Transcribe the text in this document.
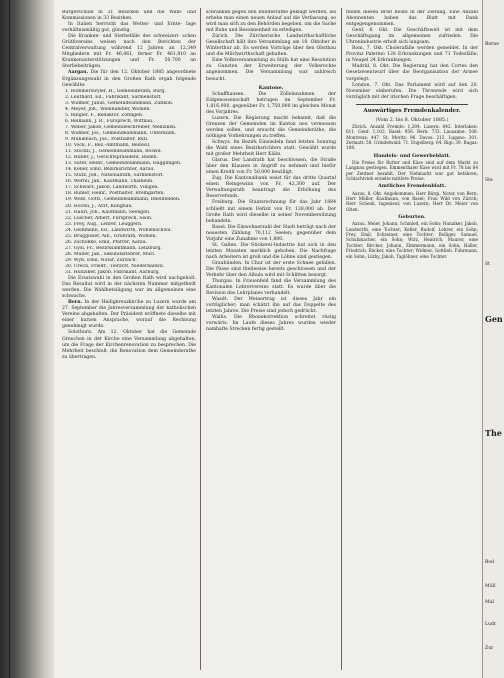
Burgerschule in 31 Bezirken und die Wahl- und Kommissionen in 33 Bezirken.

In Italien herrscht das Wetter- und Ernte- lage verhältnismäßig gut, günstig.

Die Kranken- und Sterbefälle des schweizeri- schen Grütlivereins weisen nach den Berichten der Centralverwaltung während 12 Jahren an 12,349 Mitgliedern mit Fr. 46,061, ferner Fr. 461,810 an Krankenunterstützungen und Fr. 50,700 an Sterbebeiträgen.

Aargau. Die für den 12. Oktober 1885 angeordnete Ergänzungswahl in den Großen Rath ergab folgende Gewählte:

1. Rommerswyler, H., Gemeinderath, Burg.
2. Leuthard, Ed., Fabrikant, Sarmenstorf.
3. Widmer, Julius, Gemeindeammann, Zufikon.
4. Meyer, Joh., Weinhändler, Wohlen.
5. Ringier, F., Redaktor, Zofingen.
6. Reimann, J. R., Fürsprech, Wittnau.
7. Weber, Jakob, Gemeindeschreiber, Menziken.
8. Widmer, Jos., Gemeindeammann, Unterkulm.
9. Mühlebach, Jos., Posthalter, Rüti.
10. Vock, F., Bez.-Amtmann, Beinwil.
11. Stöckli, J., Gemeindeammann, Boswil.
12. Huber, J., Gerichtspräsident, Baden.
13. Suter, Heinr., Gemeindeammann, Hägglingen.
14. Keller, Emil, Bezirksrichter, Aarau.
15. Stutz, Joh., Nationalrath, Sarmenstorf.
16. Wernli, Jak., Kaufmann, Thalheim.
17. Schwarz, Jakob, Landwirth, Villigen.
18. Bühler, Heinr., Posthalter, Bremgarten.
19. Weiß, Gottl., Gemeindeammann, Rheinfelden.
20. Höchli, J., Arzt, Klingnau.
21. Hauri, Joh., Kaufmann, Seengen.
22. Lüscher, Albert, Fürsprech, Seon.
23. Frey, Aug., Lehrer, Leuggern.
24. Geißmann, Ed., Landwirth, Wohlenschwil.
25. Bruggisser, Alb., Großrath, Wohlen.
26. Zschokke, Emil, Pfarrer, Aarau.
27. Gysi, Fr., Bezirksamtmann, Lenzburg.
28. Müller, Jak., Sekundarlehrer, Muri.
29. Wyß, Emil, Notar, Zurzach.
30. Urech, Friedr., Tierarzt, Niederhallwil.
31. Hunziker, Jakob, Fabrikant, Aarburg.

Die Ersatzwahl in den Großen Rath wird nachgeholt. Das Resultat wird in der nächsten Nummer mitgetheilt werden. Die Wahlbeteiligung war im allgemeinen eine schwache.

Bern. In der Heiligkreuzkirche zu Luzern wurde am 27. September die Jahresversammlung der katholischen Vereine abgehalten. Der Präsident eröffnete dieselbe mit einer kurzen Ansprache, worauf die Rechnung genehmigt wurde.

Solothurn. Am 12. Oktober hat die Gemeinde Grenchen in der Kirche eine Versammlung abgehalten, um die Frage der Kirchenrenovation zu besprechen. Die Mehrheit beschloß, die Renovation dem Gemeinderathe zu übertragen.

schränken gegen den Bundesrathe geklagt werden, als erhebe man einen neuen Anlauf auf die Verfassung, so wird man sich zu den Behörden begeben, um die Sache mit Ruhe und Besonnenheit zu erledigen.

Zürich. Die Zürcherische Landwirthschaftliche Gesellschaft hält ihre Versammlung am 18. Oktober in Winterthur ab. Es werden Vorträge über den Obstbau und die Milchwirthschaft gehalten.

Eine Volksversammlung zu Stäfa hat eine Resolution zu Gunsten der Erweiterung der Volksrechte angenommen. Die Versammlung war zahlreich besucht.

Kantone.

Schaffhausen. Die Zolleinnahmen der Eidgenossenschaft betrugen im September Fr. 1,816,000, gegenüber Fr. 1,750,000 im gleichen Monat des Vorjahres.

Luzern. Die Regierung macht bekannt, daß die Grenzen der Gemeinden im Kanton neu vermessen werden sollen, und ersucht die Gemeinderäthe, die nöthigen Vorkehrungen zu treffen.

Schwyz. Im Bezirk Einsiedeln fand letzten Sonntag die Wahl eines Bezirksrichters statt. Gewählt wurde mit großer Mehrheit Herr Kälin.

Glarus. Der Landrath hat beschlossen, die Straße über den Klausen in Angriff zu nehmen und hiefür einen Kredit von Fr. 50,000 bewilligt.

Zug. Die Kantonalbank weist für das dritte Quartal einen Reingewinn von Fr. 42,300 auf. Der Verwaltungsrath beantragt die Erhöhung des Reservefonds.

Freiburg. Die Staatsrechnung für das Jahr 1884 schließt mit einem Defizit von Fr. 138,000 ab. Der Große Rath wird dieselbe in seiner Novembersitzung behandeln.

Basel. Die Einwohnerzahl der Stadt beträgt nach der neuesten Zählung 70,112 Seelen; gegenüber dem Vorjahr eine Zunahme von 1,800.

St. Gallen. Die Stickerei-Industrie hat sich in den letzten Monaten merklich gehoben. Die Nachfrage nach Arbeitern ist groß und die Löhne sind gestiegen.

Graubünden. In Chur ist der erste Schnee gefallen. Die Pässe sind theilweise bereits geschlossen und der Verkehr über den Albula wird mit Schlitten besorgt.

Thurgau. In Frauenfeld fand die Versammlung des Kantonalen Lehrervereins statt. Es wurde über die Revision des Lehrplanes verhandelt.

Waadt. Der Weinertrag ist dieses Jahr ein vorzüglicher; man schätzt ihn auf das Doppelte des letzten Jahres. Die Preise sind jedoch gedrückt.

Wallis. Die Rhonekorrektion schreitet rüstig vorwärts. Im Laufe dieses Jahres wurden wieder namhafte Strecken fertig gestellt.

finden diesen Brief heute in der Zeitung. Eine Anzahl Abonnenten haben das Blatt mit Dank entgegengenommen.

Genf, 8. Okt. Die Geschäftswelt ist mit dem Geschäftsgang im allgemeinen zufrieden. Die Uhrenindustrie erholt sich langsam.

Rom, 7. Okt. Cholerafälle werden gemeldet. In der Provinz Palermo 128 Erkrankungen und 71 Todesfälle; in Neapel 24 Erkrankungen.

Madrid, 8. Okt. Die Regierung hat den Cortes den Gesetzesentwurf über die Reorganisation der Armee vorgelegt.

London, 7. Okt. Das Parlament wird auf den 20. November einberufen. Die Thronrede wird sich vorzüglich mit der irischen Frage beschäftigen.

Auswärtiges Fremdenkalender.
(Vom 2. bis 8. Oktober 1885.)

Zürich. Anzahl Fremde: 1,284. Luzern: 842. Interlaken: 611. Genf: 1,102. Basel: 956. Bern: 733. Lausanne: 508. Montreux: 447. St. Moritz: 96. Davos: 212. Lugano: 301. Zermatt: 58. Grindelwald: 71. Engelberg: 64. Rigi: 39. Ragaz: 188.

Handels- und Gewerbeblatt.

Die Preise für Butter und Käse sind auf dem Markt zu Langnau gestiegen. Emmenthaler Käse wird mit Fr. 78 bis 84 per Zentner bezahlt. Der Viehmarkt war gut befahren; Schlachtvieh erzielte mittlere Preise.

Amtliches Fremdenblatt.

Aarau, 8. Okt. Angekommen: Herr Bürgi, Notar, von Bern; Herr Müller, Kaufmann, von Basel; Frau Wild von Zürich; Herr Schenk, Ingenieur, von Luzern; Herr Dr. Meier von Olten.

Geburten.

Aarau. Meier, Johann, Schmied, ein Sohn; Hunziker, Jakob, Landwirth, eine Tochter; Keller, Rudolf, Lehrer, ein Sohn; Frey, Emil, Schreiner, eine Tochter; Bolliger, Samuel, Schuhmacher, ein Sohn; Wirz, Heinrich, Maurer, eine Tochter; Bircher, Johann, Zimmermann, ein Sohn; Haller, Friedrich, Bäcker, eine Tochter; Widmer, Gottlieb, Fuhrmann, ein Sohn; Lüthy, Jakob, Taglöhner, eine Tochter.

Berne
Ste
St
Gen
The
Bod
Müll
Mal
Ludr
Zur
